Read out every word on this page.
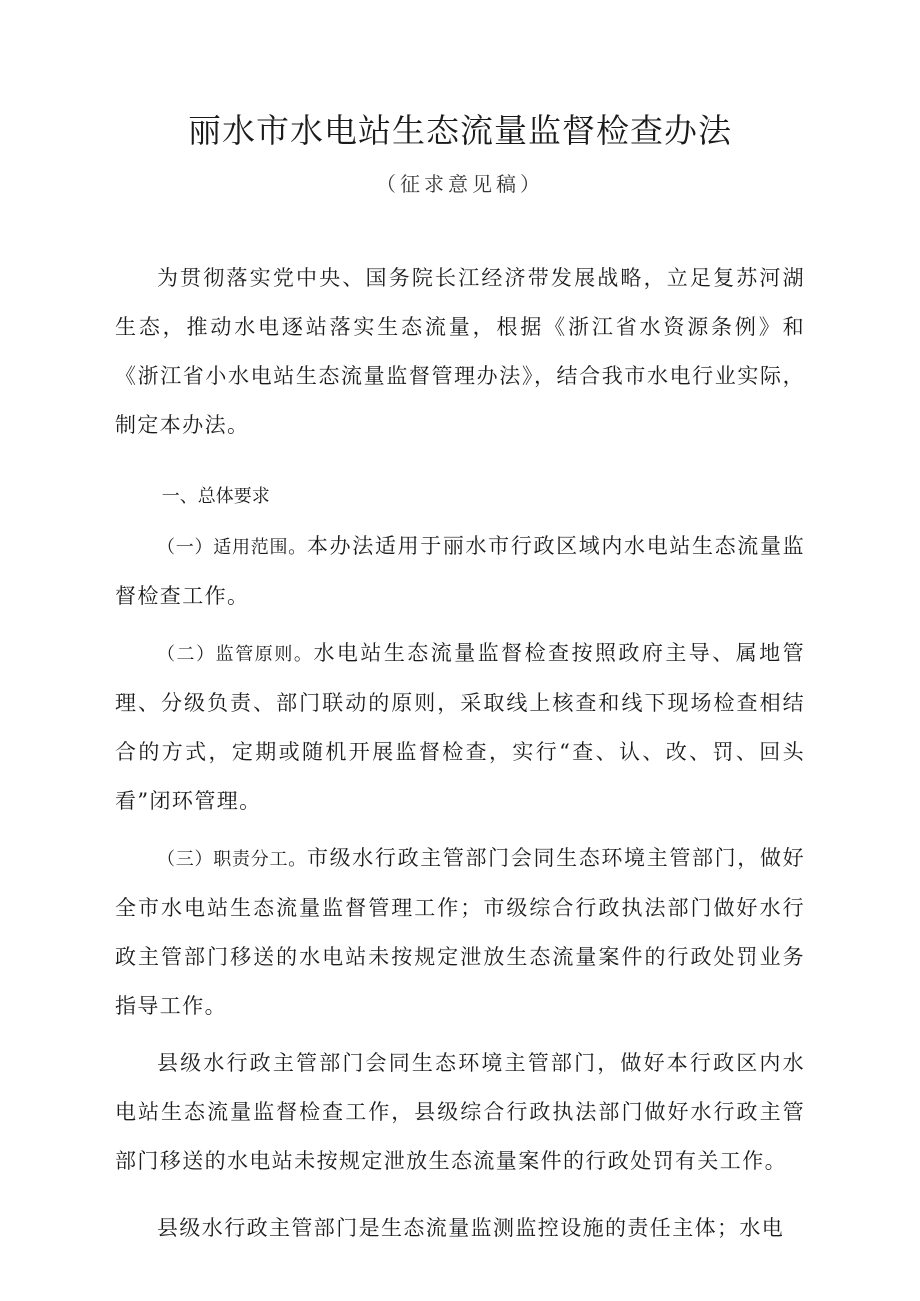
丽水市水电站生态流量监督检查办法
（征求意见稿）

为贯彻落实党中央、国务院长江经济带发展战略，立足复苏河湖生态，推动水电逐站落实生态流量，根据《浙江省水资源条例》和《浙江省小水电站生态流量监督管理办法》，结合我市水电行业实际，制定本办法。

一、总体要求

（一）适用范围。本办法适用于丽水市行政区域内水电站生态流量监督检查工作。

（二）监管原则。水电站生态流量监督检查按照政府主导、属地管理、分级负责、部门联动的原则，采取线上核查和线下现场检查相结合的方式，定期或随机开展监督检查，实行“查、认、改、罚、回头看”闭环管理。

（三）职责分工。市级水行政主管部门会同生态环境主管部门，做好全市水电站生态流量监督管理工作；市级综合行政执法部门做好水行政主管部门移送的水电站未按规定泄放生态流量案件的行政处罚业务指导工作。

县级水行政主管部门会同生态环境主管部门，做好本行政区内水电站生态流量监督检查工作，县级综合行政执法部门做好水行政主管部门移送的水电站未按规定泄放生态流量案件的行政处罚有关工作。

县级水行政主管部门是生态流量监测监控设施的责任主体；水电
